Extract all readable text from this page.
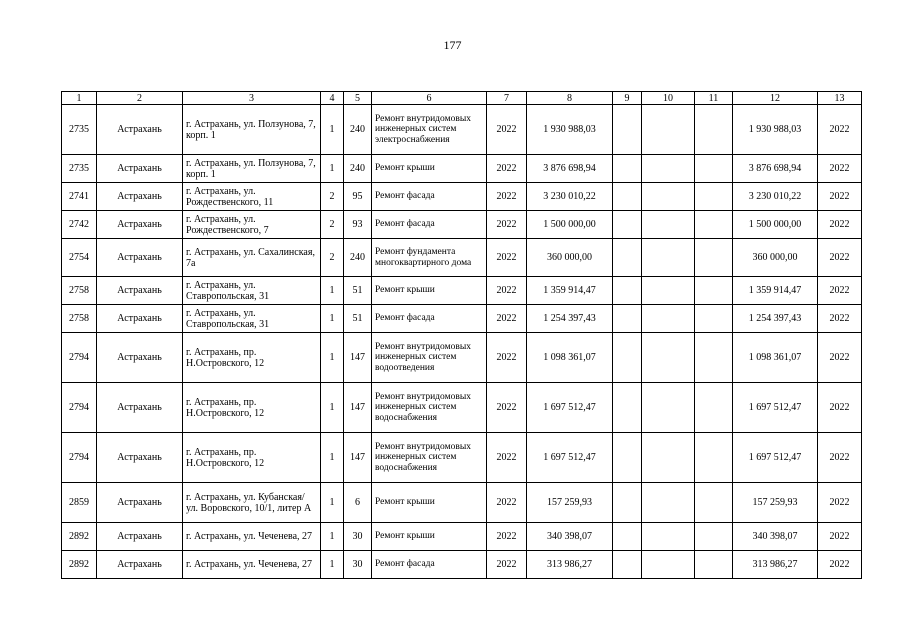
177
1	2	3	4	5	6	7	8	9	10	11	12	13
2735	Астрахань	г. Астрахань, ул. Ползунова, 7, корп. 1	1	240	Ремонт внутридомовых инженерных систем электроснабжения	2022	1 930 988,03				1 930 988,03	2022
2735	Астрахань	г. Астрахань, ул. Ползунова, 7, корп. 1	1	240	Ремонт крыши	2022	3 876 698,94				3 876 698,94	2022
2741	Астрахань	г. Астрахань, ул. Рождественского, 11	2	95	Ремонт фасада	2022	3 230 010,22				3 230 010,22	2022
2742	Астрахань	г. Астрахань, ул. Рождественского, 7	2	93	Ремонт фасада	2022	1 500 000,00				1 500 000,00	2022
2754	Астрахань	г. Астрахань, ул. Сахалинская, 7а	2	240	Ремонт фундамента многоквартирного дома	2022	360 000,00				360 000,00	2022
2758	Астрахань	г. Астрахань, ул. Ставропольская, 31	1	51	Ремонт крыши	2022	1 359 914,47				1 359 914,47	2022
2758	Астрахань	г. Астрахань, ул. Ставропольская, 31	1	51	Ремонт фасада	2022	1 254 397,43				1 254 397,43	2022
2794	Астрахань	г. Астрахань, пр. Н.Островского, 12	1	147	Ремонт внутридомовых инженерных систем водоотведения	2022	1 098 361,07				1 098 361,07	2022
2794	Астрахань	г. Астрахань, пр. Н.Островского, 12	1	147	Ремонт внутридомовых инженерных систем водоснабжения	2022	1 697 512,47				1 697 512,47	2022
2794	Астрахань	г. Астрахань, пр. Н.Островского, 12	1	147	Ремонт внутридомовых инженерных систем водоснабжения	2022	1 697 512,47				1 697 512,47	2022
2859	Астрахань	г. Астрахань, ул. Кубанская/ ул. Воровского, 10/1, литер А	1	6	Ремонт крыши	2022	157 259,93				157 259,93	2022
2892	Астрахань	г. Астрахань, ул. Чеченева, 27	1	30	Ремонт крыши	2022	340 398,07				340 398,07	2022
2892	Астрахань	г. Астрахань, ул. Чеченева, 27	1	30	Ремонт фасада	2022	313 986,27				313 986,27	2022
